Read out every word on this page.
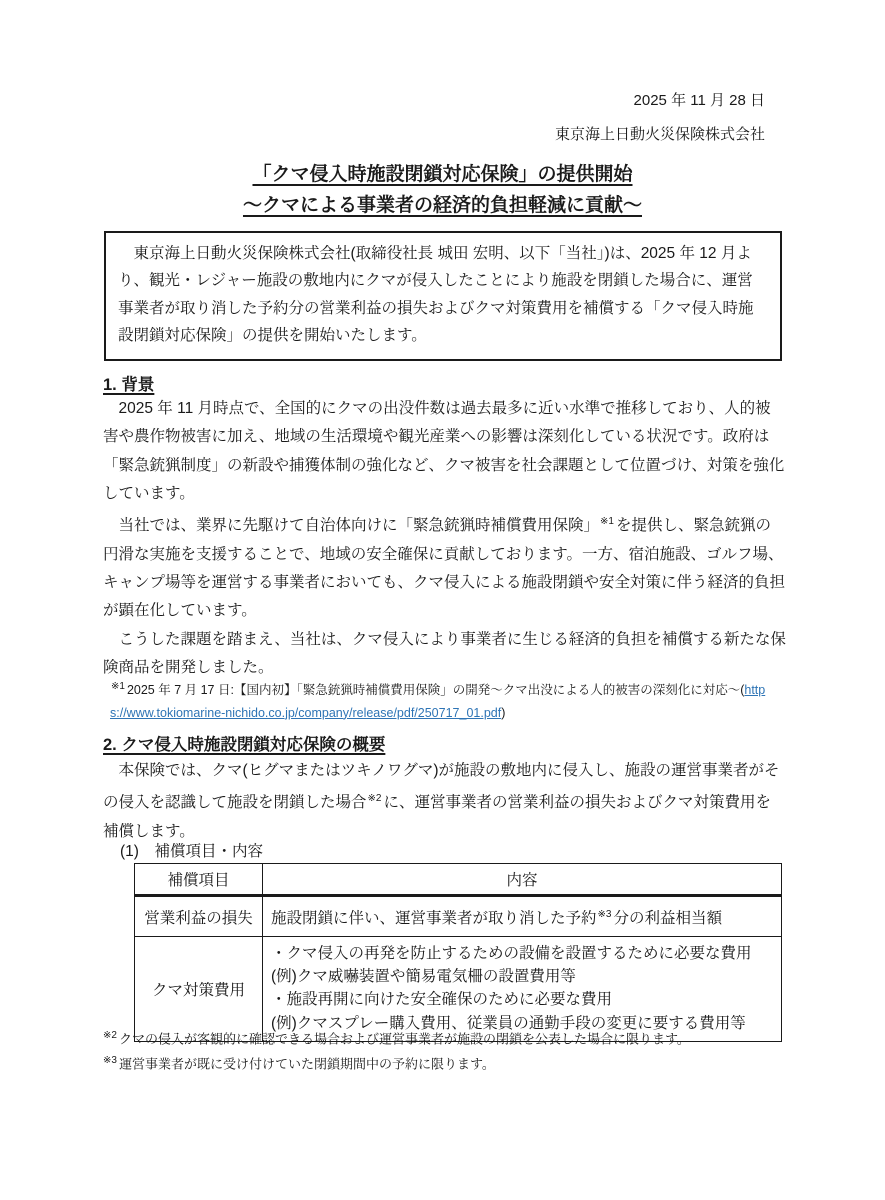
2025 年 11 月 28 日
東京海上日動火災保険株式会社
「クマ侵入時施設閉鎖対応保険」の提供開始
～クマによる事業者の経済的負担軽減に貢献～

東京海上日動火災保険株式会社(取締役社長 城田 宏明、以下「当社」)は、2025 年 12 月より、観光・レジャー施設の敷地内にクマが侵入したことにより施設を閉鎖した場合に、運営事業者が取り消した予約分の営業利益の損失およびクマ対策費用を補償する「クマ侵入時施設閉鎖対応保険」の提供を開始いたします。

1. 背景

2025 年 11 月時点で、全国的にクマの出没件数は過去最多に近い水準で推移しており、人的被害や農作物被害に加え、地域の生活環境や観光産業への影響は深刻化している状況です。政府は「緊急銃猟制度」の新設や捕獲体制の強化など、クマ被害を社会課題として位置づけ、対策を強化しています。

当社では、業界に先駆けて自治体向けに「緊急銃猟時補償費用保険」$^{※1}$ を提供し、緊急銃猟の円滑な実施を支援することで、地域の安全確保に貢献しております。一方、宿泊施設、ゴルフ場、キャンプ場等を運営する事業者においても、クマ侵入による施設閉鎖や安全対策に伴う経済的負担が顕在化しています。

こうした課題を踏まえ、当社は、クマ侵入により事業者に生じる経済的負担を補償する新たな保険商品を開発しました。

$^{※1}$ 2025 年 7 月 17 日:【国内初】「緊急銃猟時補償費用保険」の開発～クマ出没による人的被害の深刻化に対応～(https://www.tokiomarine-nichido.co.jp/company/release/pdf/250717_01.pdf)

2. クマ侵入時施設閉鎖対応保険の概要

本保険では、クマ(ヒグマまたはツキノワグマ)が施設の敷地内に侵入し、施設の運営事業者がその侵入を認識して施設を閉鎖した場合$^{※2}$ に、運営事業者の営業利益の損失およびクマ対策費用を補償します。

(1)　補償項目・内容
補償項目	内容
営業利益の損失	施設閉鎖に伴い、運営事業者が取り消した予約$^{※3}$ 分の利益相当額
クマ対策費用	・クマ侵入の再発を防止するための設備を設置するために必要な費用
(例)クマ威嚇装置や簡易電気柵の設置費用等
・施設再開に向けた安全確保のために必要な費用
(例)クマスプレー購入費用、従業員の通勤手段の変更に要する費用等

$^{※2}$ クマの侵入が客観的に確認できる場合および運営事業者が施設の閉鎖を公表した場合に限ります。

$^{※3}$ 運営事業者が既に受け付けていた閉鎖期間中の予約に限ります。
